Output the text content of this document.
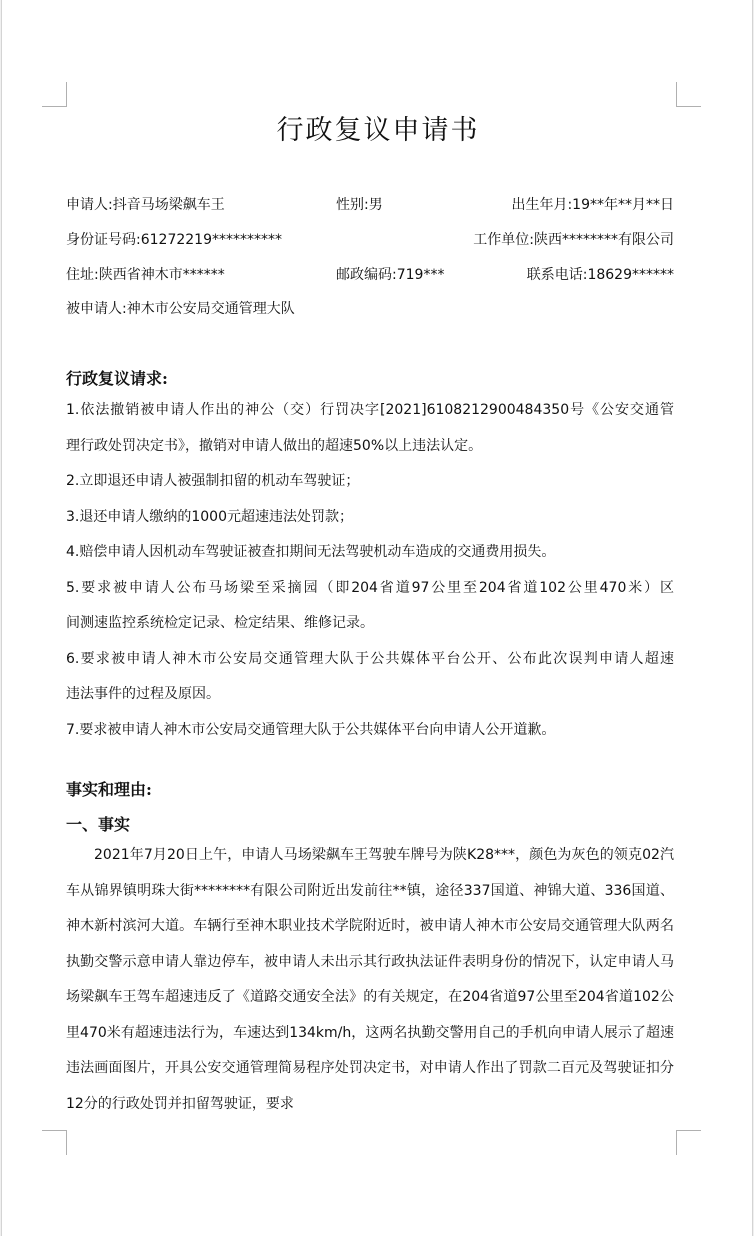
行政复议申请书
申请人:抖音马场梁飙车王	性别:男	出生年月:19**年**月**日
身份证号码:61272219**********	工作单位:陕西********有限公司
住址:陕西省神木市******	邮政编码:719***	联系电话:18629******
被申请人:神木市公安局交通管理大队
行政复议请求:

1.依法撤销被申请人作出的神公（交）行罚决字[2021]6108212900484350号《公安交通管

理行政处罚决定书》，撤销对申请人做出的超速50%以上违法认定。

2.立即退还申请人被强制扣留的机动车驾驶证；

3.退还申请人缴纳的1000元超速违法处罚款；

4.赔偿申请人因机动车驾驶证被查扣期间无法驾驶机动车造成的交通费用损失。

5.要求被申请人公布马场梁至采摘园（即204省道97公里至204省道102公里470米）区

间测速监控系统检定记录、检定结果、维修记录。

6.要求被申请人神木市公安局交通管理大队于公共媒体平台公开、公布此次误判申请人超速

违法事件的过程及原因。

7.要求被申请人神木市公安局交通管理大队于公共媒体平台向申请人公开道歉。

事实和理由:
一、事实

2021年7月20日上午，申请人马场梁飙车王驾驶车牌号为陕K28***，颜色为灰色的领克02汽车从锦界镇明珠大街********有限公司附近出发前往**镇，途径337国道、神锦大道、336国道、神木新村滨河大道。车辆行至神木职业技术学院附近时，被申请人神木市公安局交通管理大队两名执勤交警示意申请人靠边停车，被申请人未出示其行政执法证件表明身份的情况下，认定申请人马场梁飙车王驾车超速违反了《道路交通安全法》的有关规定，在204省道97公里至204省道102公里470米有超速违法行为，车速达到134km/h，这两名执勤交警用自己的手机向申请人展示了超速违法画面图片，开具公安交通管理简易程序处罚决定书，对申请人作出了罚款二百元及驾驶证扣分12分的行政处罚并扣留驾驶证，要求
